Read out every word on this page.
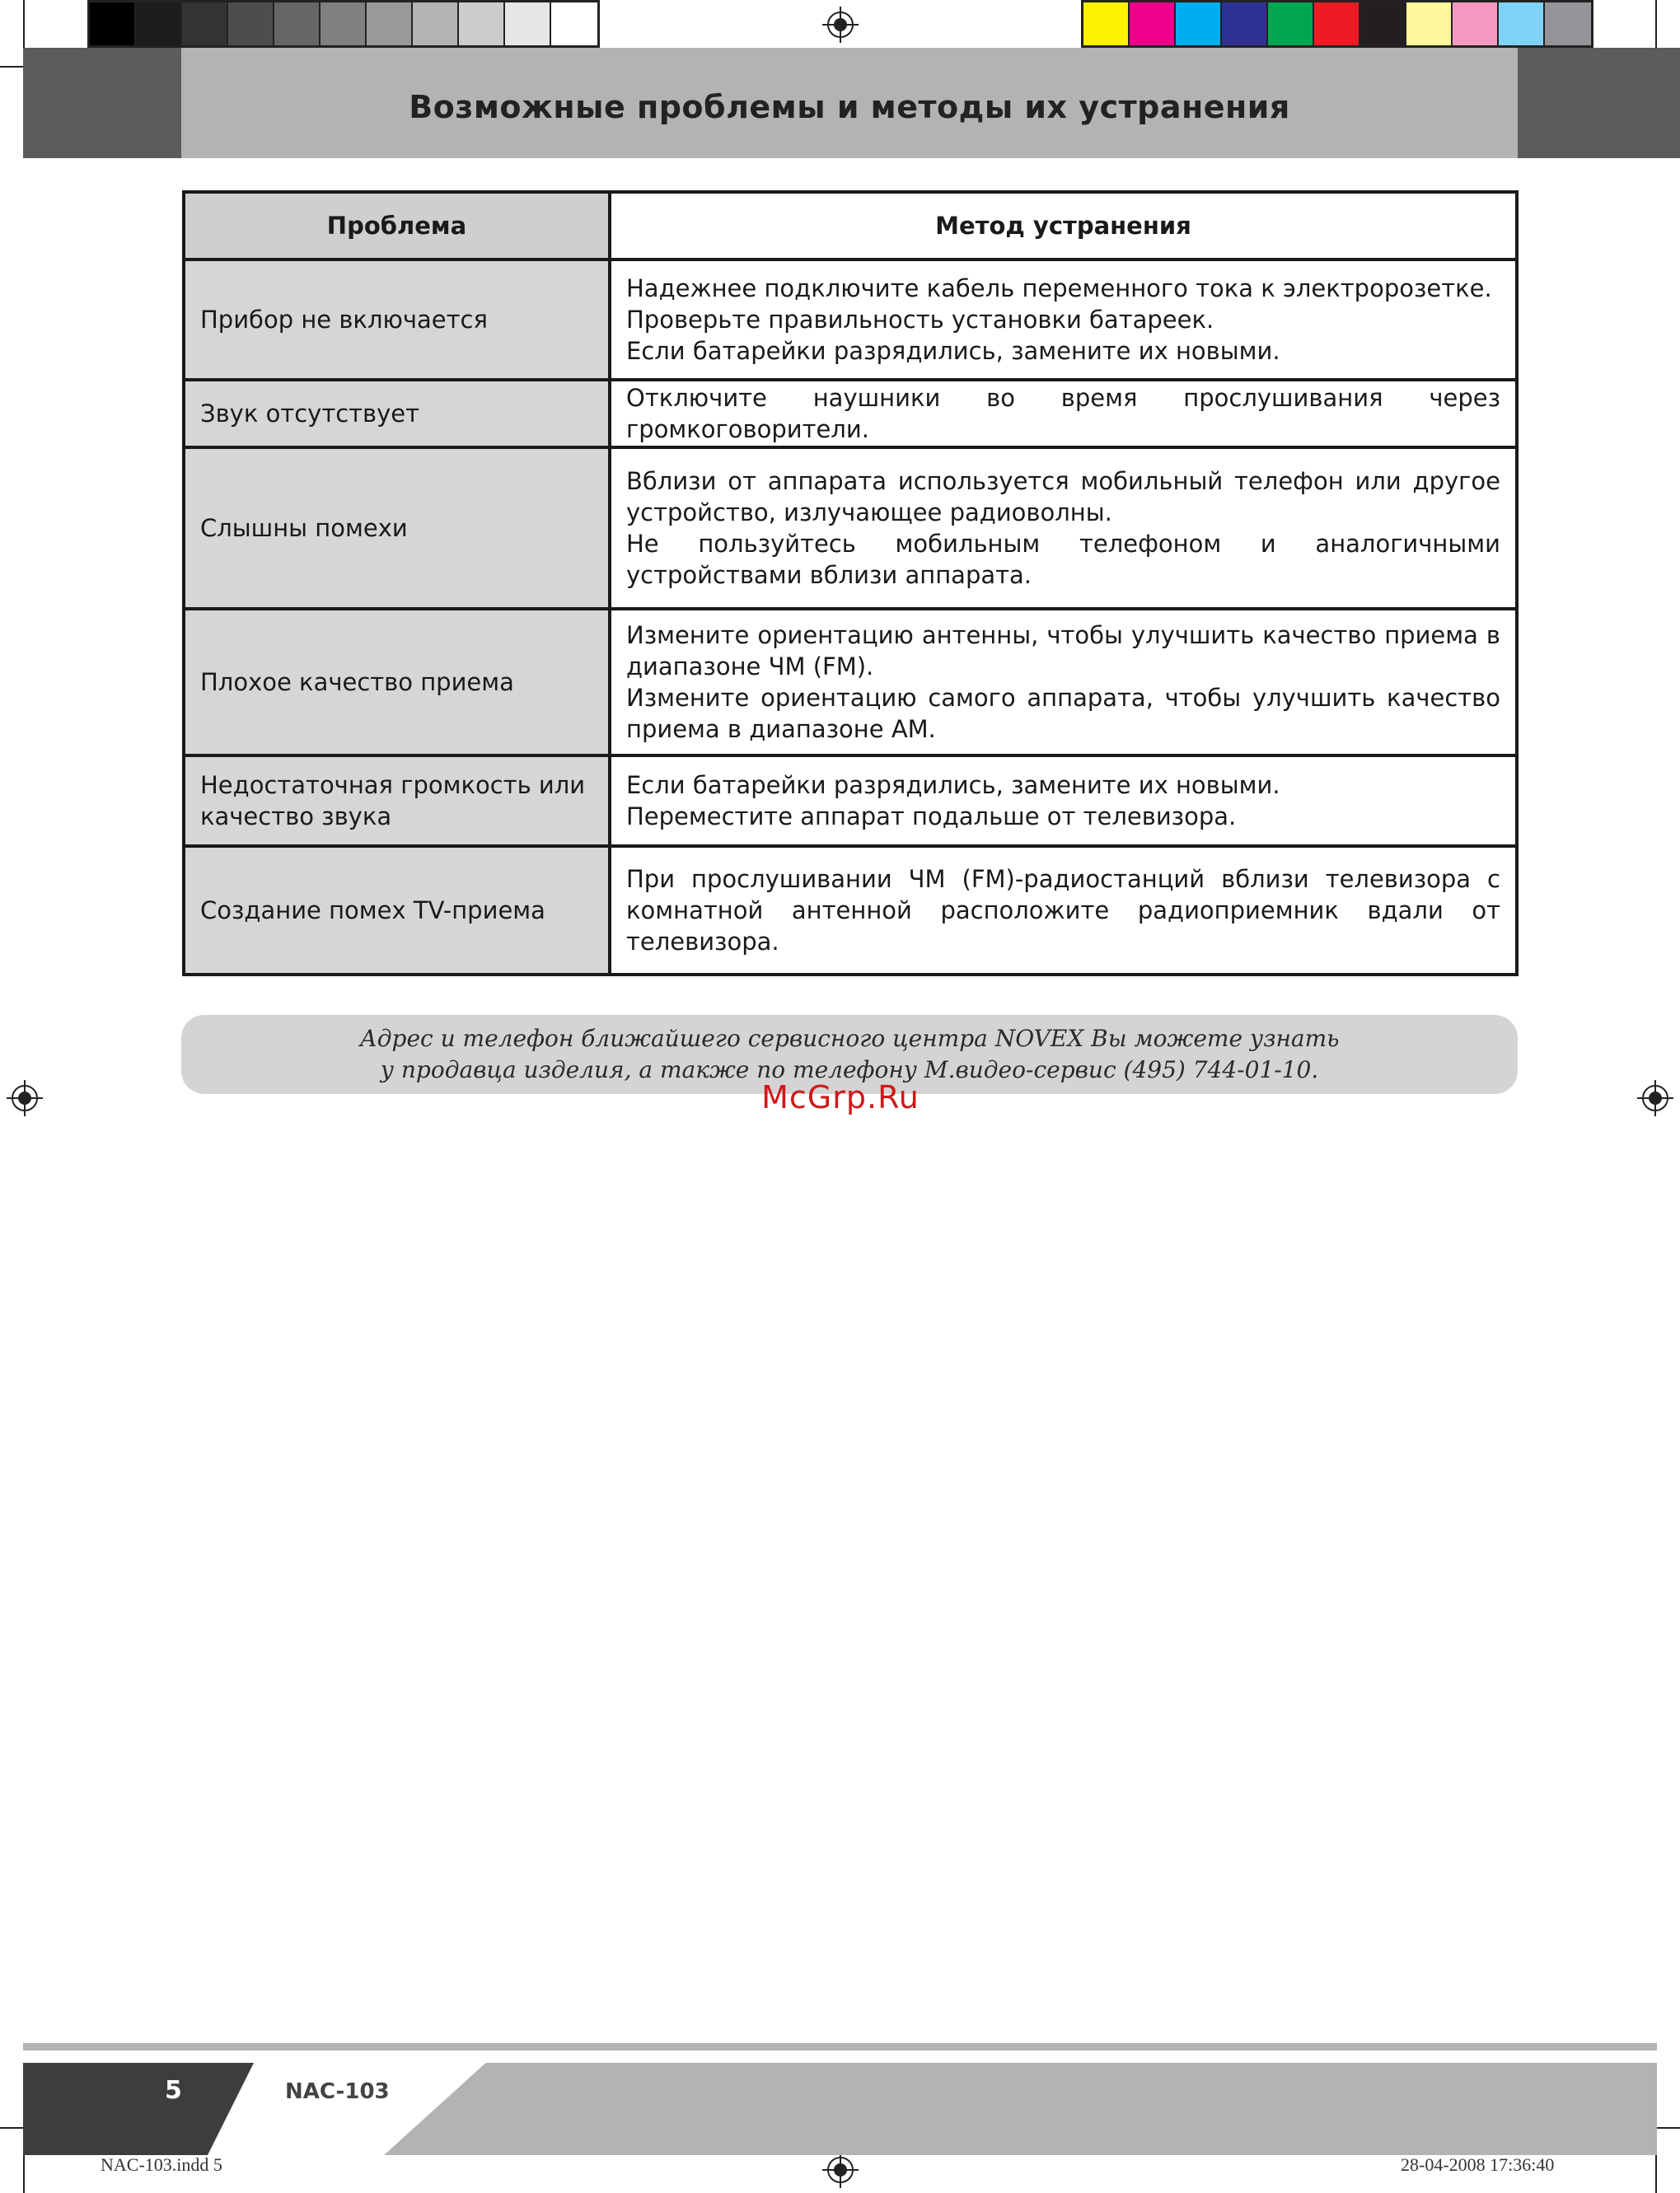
Возможные проблемы и методы их устранения
Проблема	Метод устранения
Прибор не включается	Надежнее подключите кабель переменного тока к электророзетке.
Проверьте правильность установки батареек.
Если батарейки разрядились, замените их новыми.

Звук отсутствует	Отключите наушники во время прослушивания через громкоговорители.

Слышны помехи	Вблизи от аппарата используется мобильный телефон или другое устройство, излучающее радиоволны.
Не пользуйтесь мобильным телефоном и аналогичными устройствами вблизи аппарата.

Плохое качество приема	Измените ориентацию антенны, чтобы улучшить качество приема в диапазоне ЧМ (FM).
Измените ориентацию самого аппарата, чтобы улучшить качество приема в диапазоне АМ.

Недостаточная громкость или качество звука	Если батарейки разрядились, замените их новыми.
Переместите аппарат подальше от телевизора.

Создание помех TV-приема	При прослушивании ЧМ (FM)-радиостанций вблизи телевизора с комнатной антенной расположите радиоприемник вдали от телевизора.
Адрес и телефон ближайшего сервисного центра NOVEX Вы можете узнать
у продавца изделия, а также по телефону М.видео-сервис (495) 744-01-10.
McGrp.Ru
5	NAC-103
NAC-103.indd 5	28-04-2008 17:36:40
